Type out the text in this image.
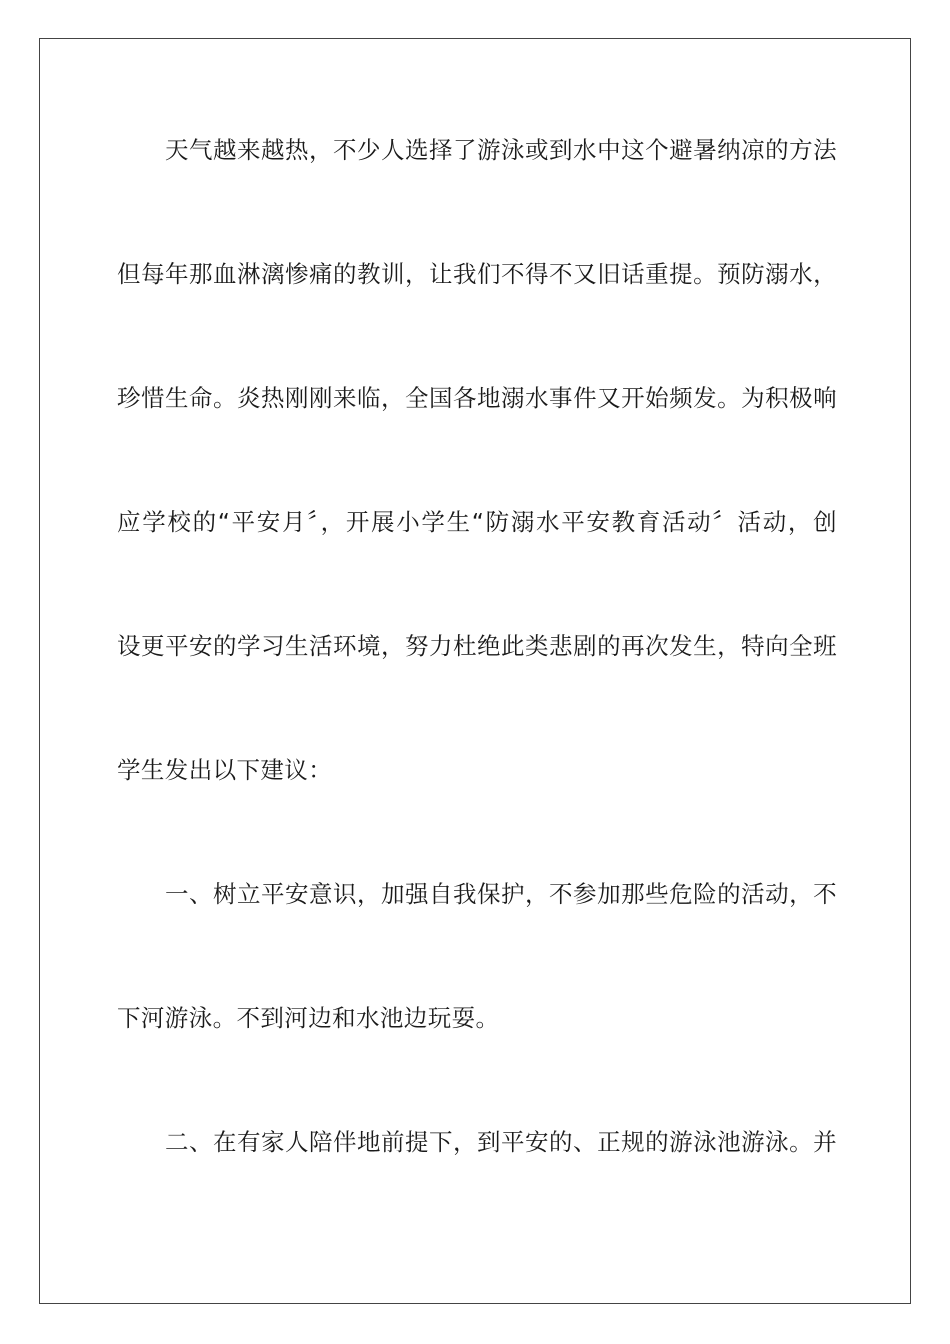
天气越来越热，不少人选择了游泳或到水中这个避暑纳凉的方法

但每年那血淋漓惨痛的教训，让我们不得不又旧话重提。预防溺水，

珍惜生命。炎热刚刚来临，全国各地溺水事件又开始频发。为积极响

应学校的“平安月〞，开展小学生“防溺水平安教育活动〞活动，创

设更平安的学习生活环境，努力杜绝此类悲剧的再次发生，特向全班

学生发出以下建议：

一、树立平安意识，加强自我保护，不参加那些危险的活动，不

下河游泳。不到河边和水池边玩耍。

二、在有家人陪伴地前提下，到平安的、正规的游泳池游泳。并
